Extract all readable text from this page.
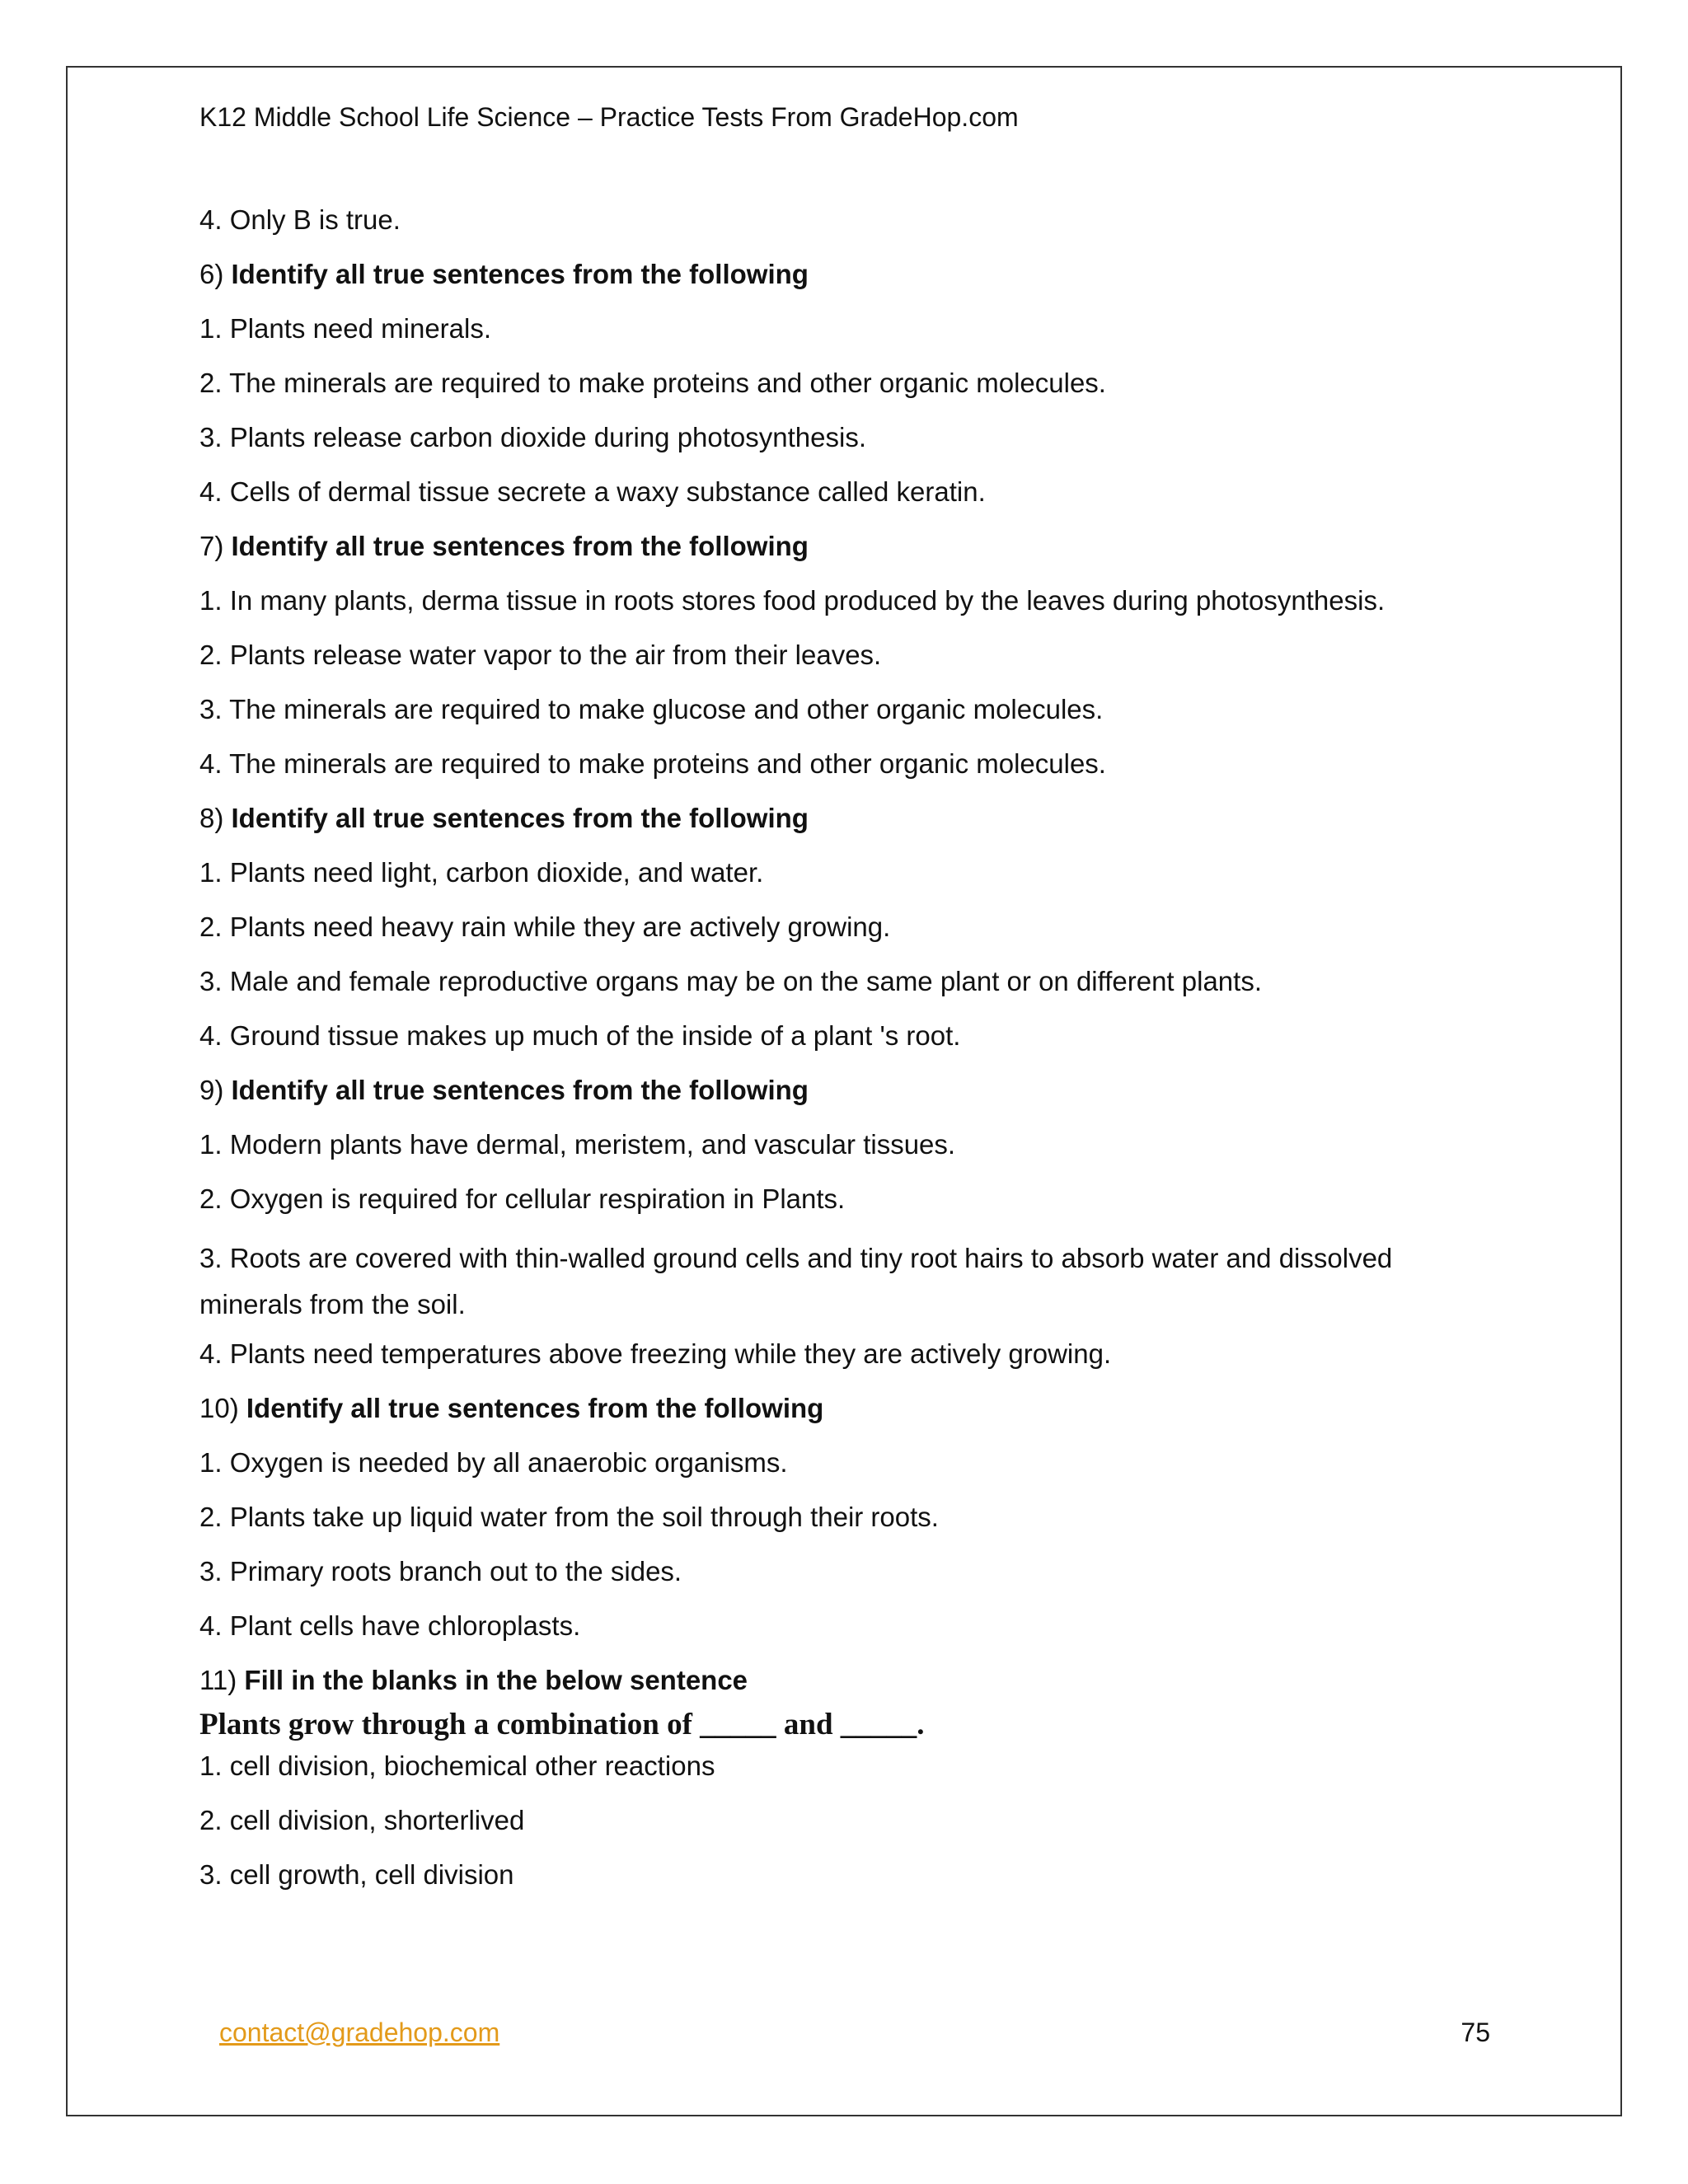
K12 Middle School Life Science – Practice Tests From GradeHop.com
4. Only B is true.
6) Identify all true sentences from the following
1. Plants need minerals.
2. The minerals are required to make proteins and other organic molecules.
3. Plants release carbon dioxide during photosynthesis.
4. Cells of dermal tissue secrete a waxy substance called keratin.
7) Identify all true sentences from the following
1. In many plants, derma tissue in roots stores food produced by the leaves during photosynthesis.
2. Plants release water vapor to the air from their leaves.
3. The minerals are required to make glucose and other organic molecules.
4. The minerals are required to make proteins and other organic molecules.
8) Identify all true sentences from the following
1. Plants need light, carbon dioxide, and water.
2. Plants need heavy rain while they are actively growing.
3. Male and female reproductive organs may be on the same plant or on different plants.
4. Ground tissue makes up much of the inside of a plant 's root.
9) Identify all true sentences from the following
1. Modern plants have dermal, meristem, and vascular tissues.
2. Oxygen is required for cellular respiration in Plants.
3. Roots are covered with thin-walled ground cells and tiny root hairs to absorb water and dissolved minerals from the soil.
4. Plants need temperatures above freezing while they are actively growing.
10) Identify all true sentences from the following
1. Oxygen is needed by all anaerobic organisms.
2. Plants take up liquid water from the soil through their roots.
3. Primary roots branch out to the sides.
4. Plant cells have chloroplasts.
11) Fill in the blanks in the below sentence
Plants grow through a combination of _____ and _____.
1. cell division, biochemical other reactions
2. cell division, shorterlived
3. cell growth, cell division
contact@gradehop.com	75
